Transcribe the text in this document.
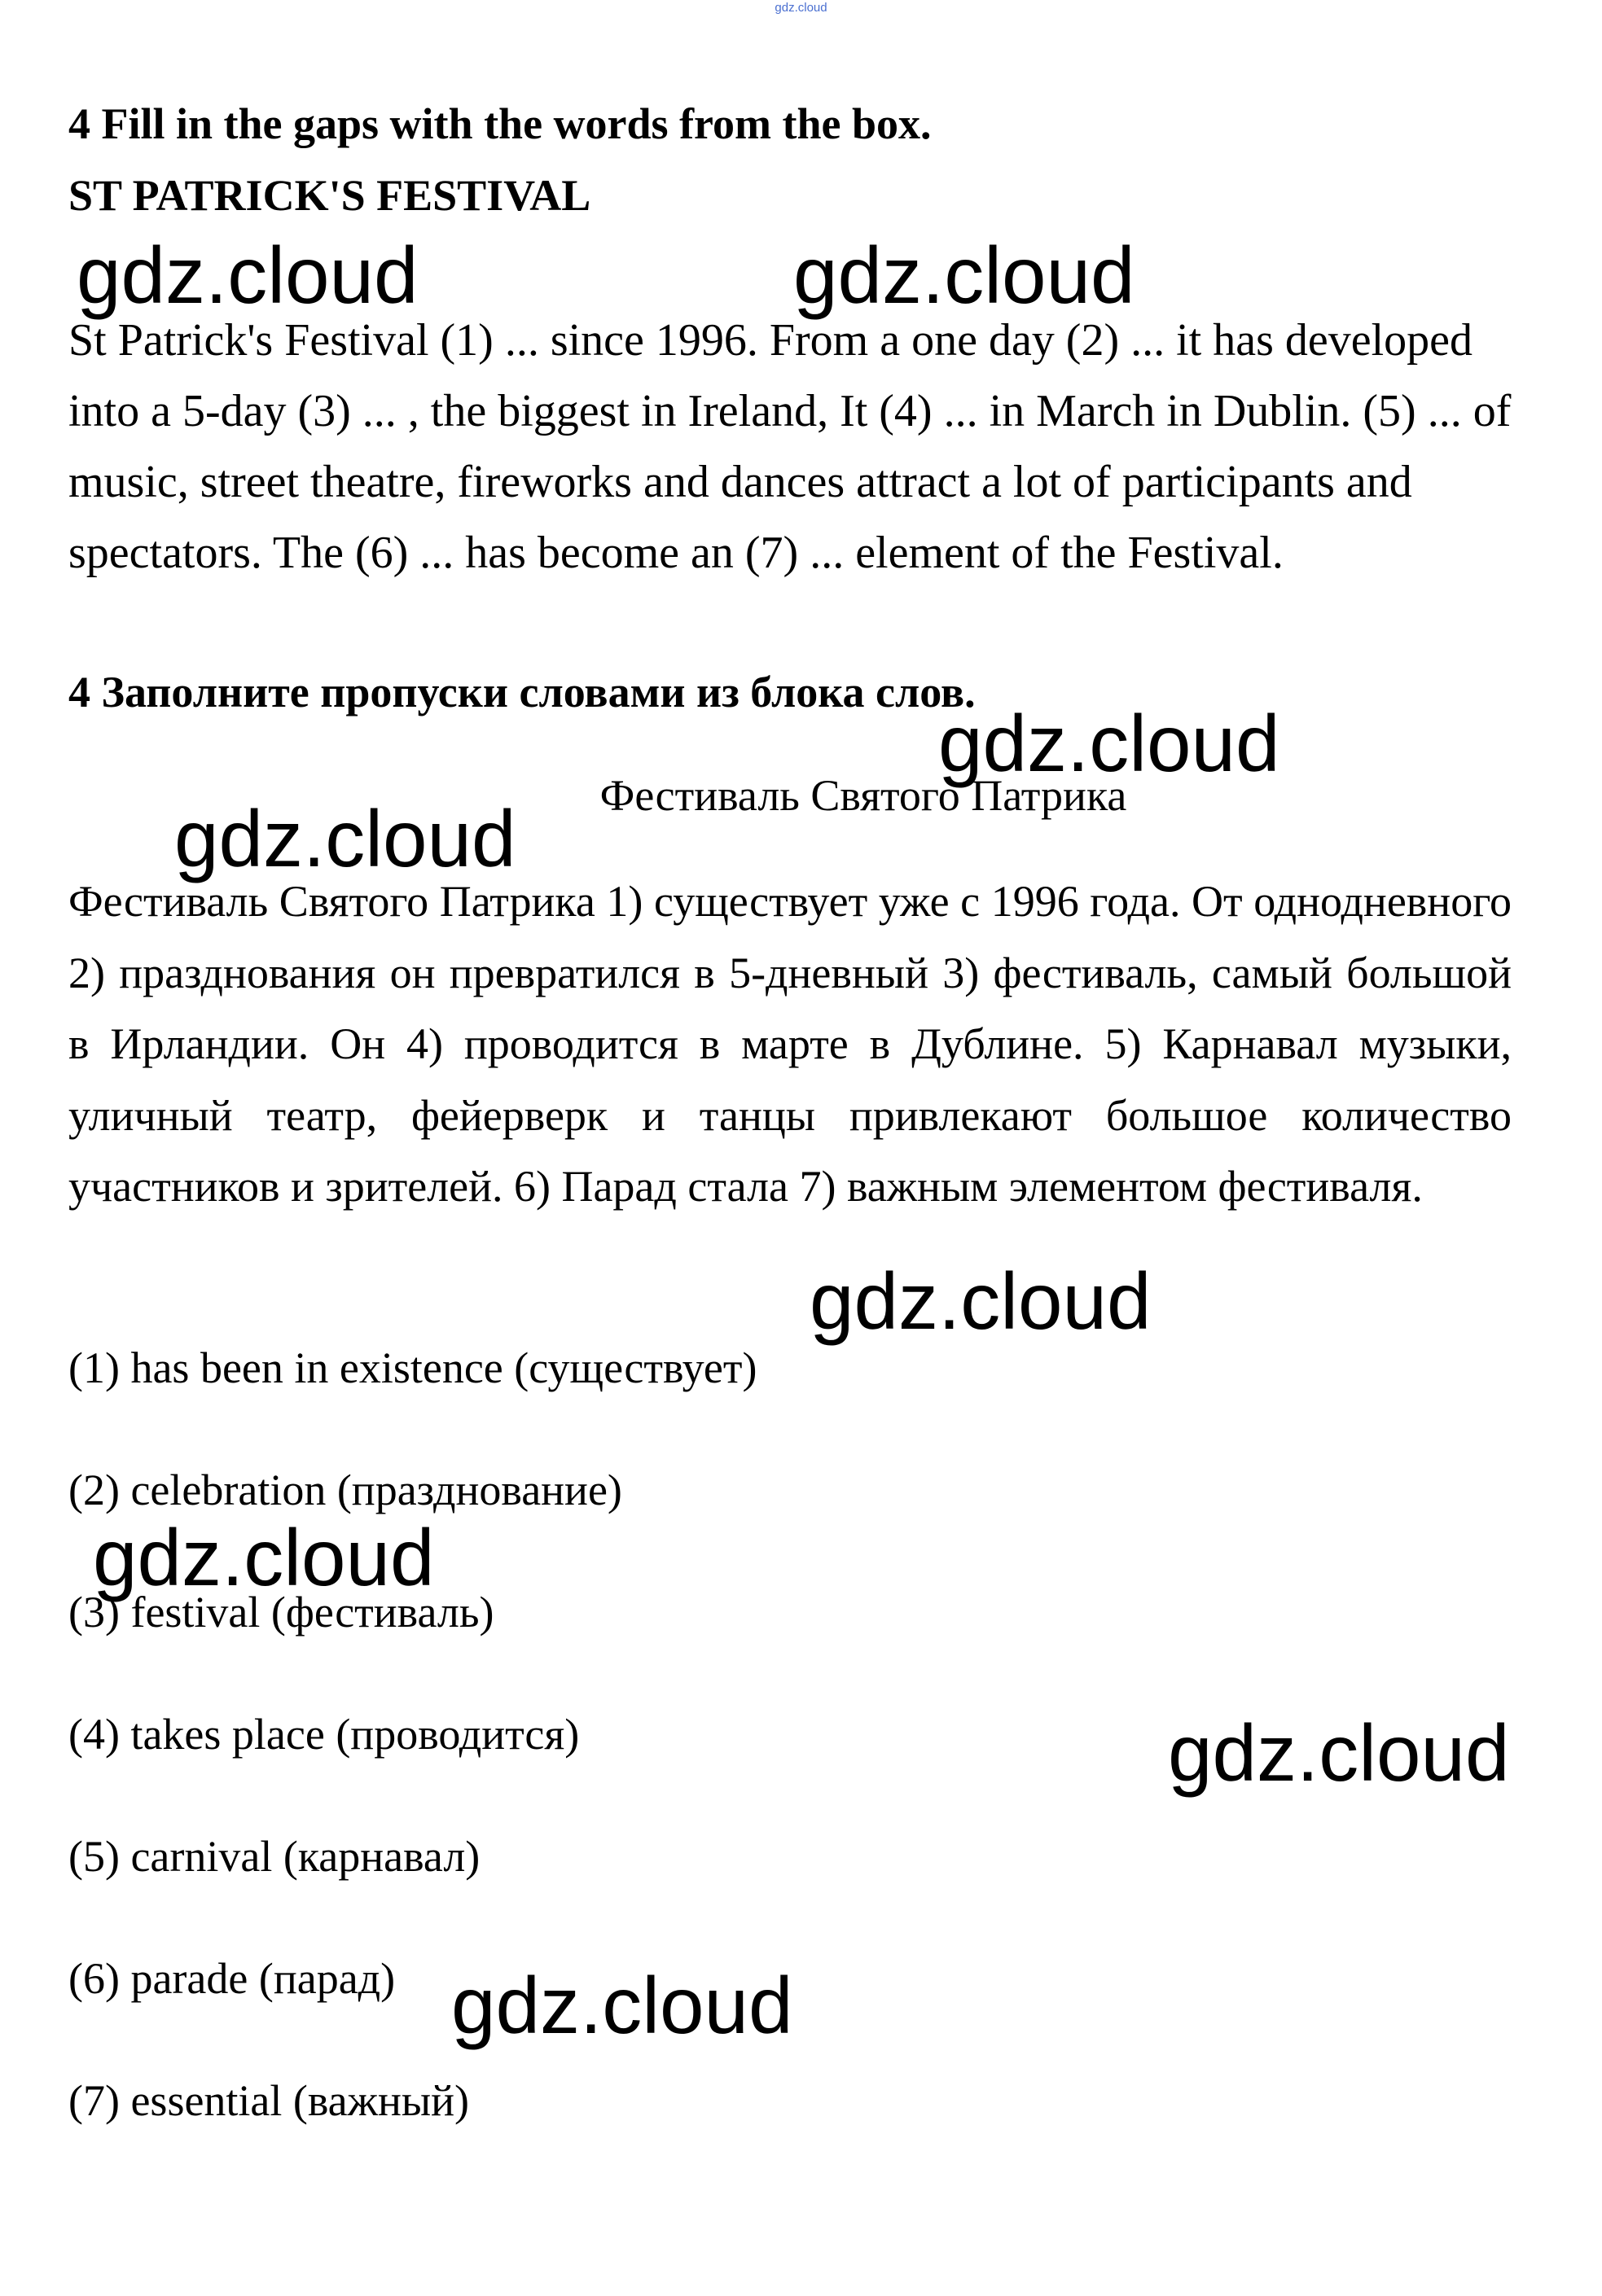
gdz.cloud
4 Fill in the gaps with the words from the box.
ST PATRICK'S FESTIVAL
St Patrick's Festival (1) ... since 1996. From a one day (2) ... it has developed into a 5-day (3) ... , the biggest in Ireland, It (4) ... in March in Dublin. (5) ... of music, street theatre, fireworks and dances attract a lot of participants and spectators. The (6) ... has become an (7) ... element of the Festival.
4 Заполните пропуски словами из блока слов.
Фестиваль Святого Патрика
Фестиваль Святого Патрика 1) существует уже с 1996 года. От однодневного 2) празднования он превратился в 5-дневный 3) фестиваль, самый большой в Ирландии. Он 4) проводится в марте в Дублине. 5) Карнавал музыки, уличный театр, фейерверк и танцы привлекают большое количество участников и зрителей. 6) Парад стала 7) важным элементом фестиваля.
(1) has been in existence (существует)
(2) celebration (празднование)
(3) festival (фестиваль)
(4) takes place (проводится)
(5) carnival (карнавал)
(6) parade (парад)
(7) essential (важный)
gdz.cloud	gdz.cloud
gdz.cloud
gdz.cloud
gdz.cloud
gdz.cloud
gdz.cloud
gdz.cloud
